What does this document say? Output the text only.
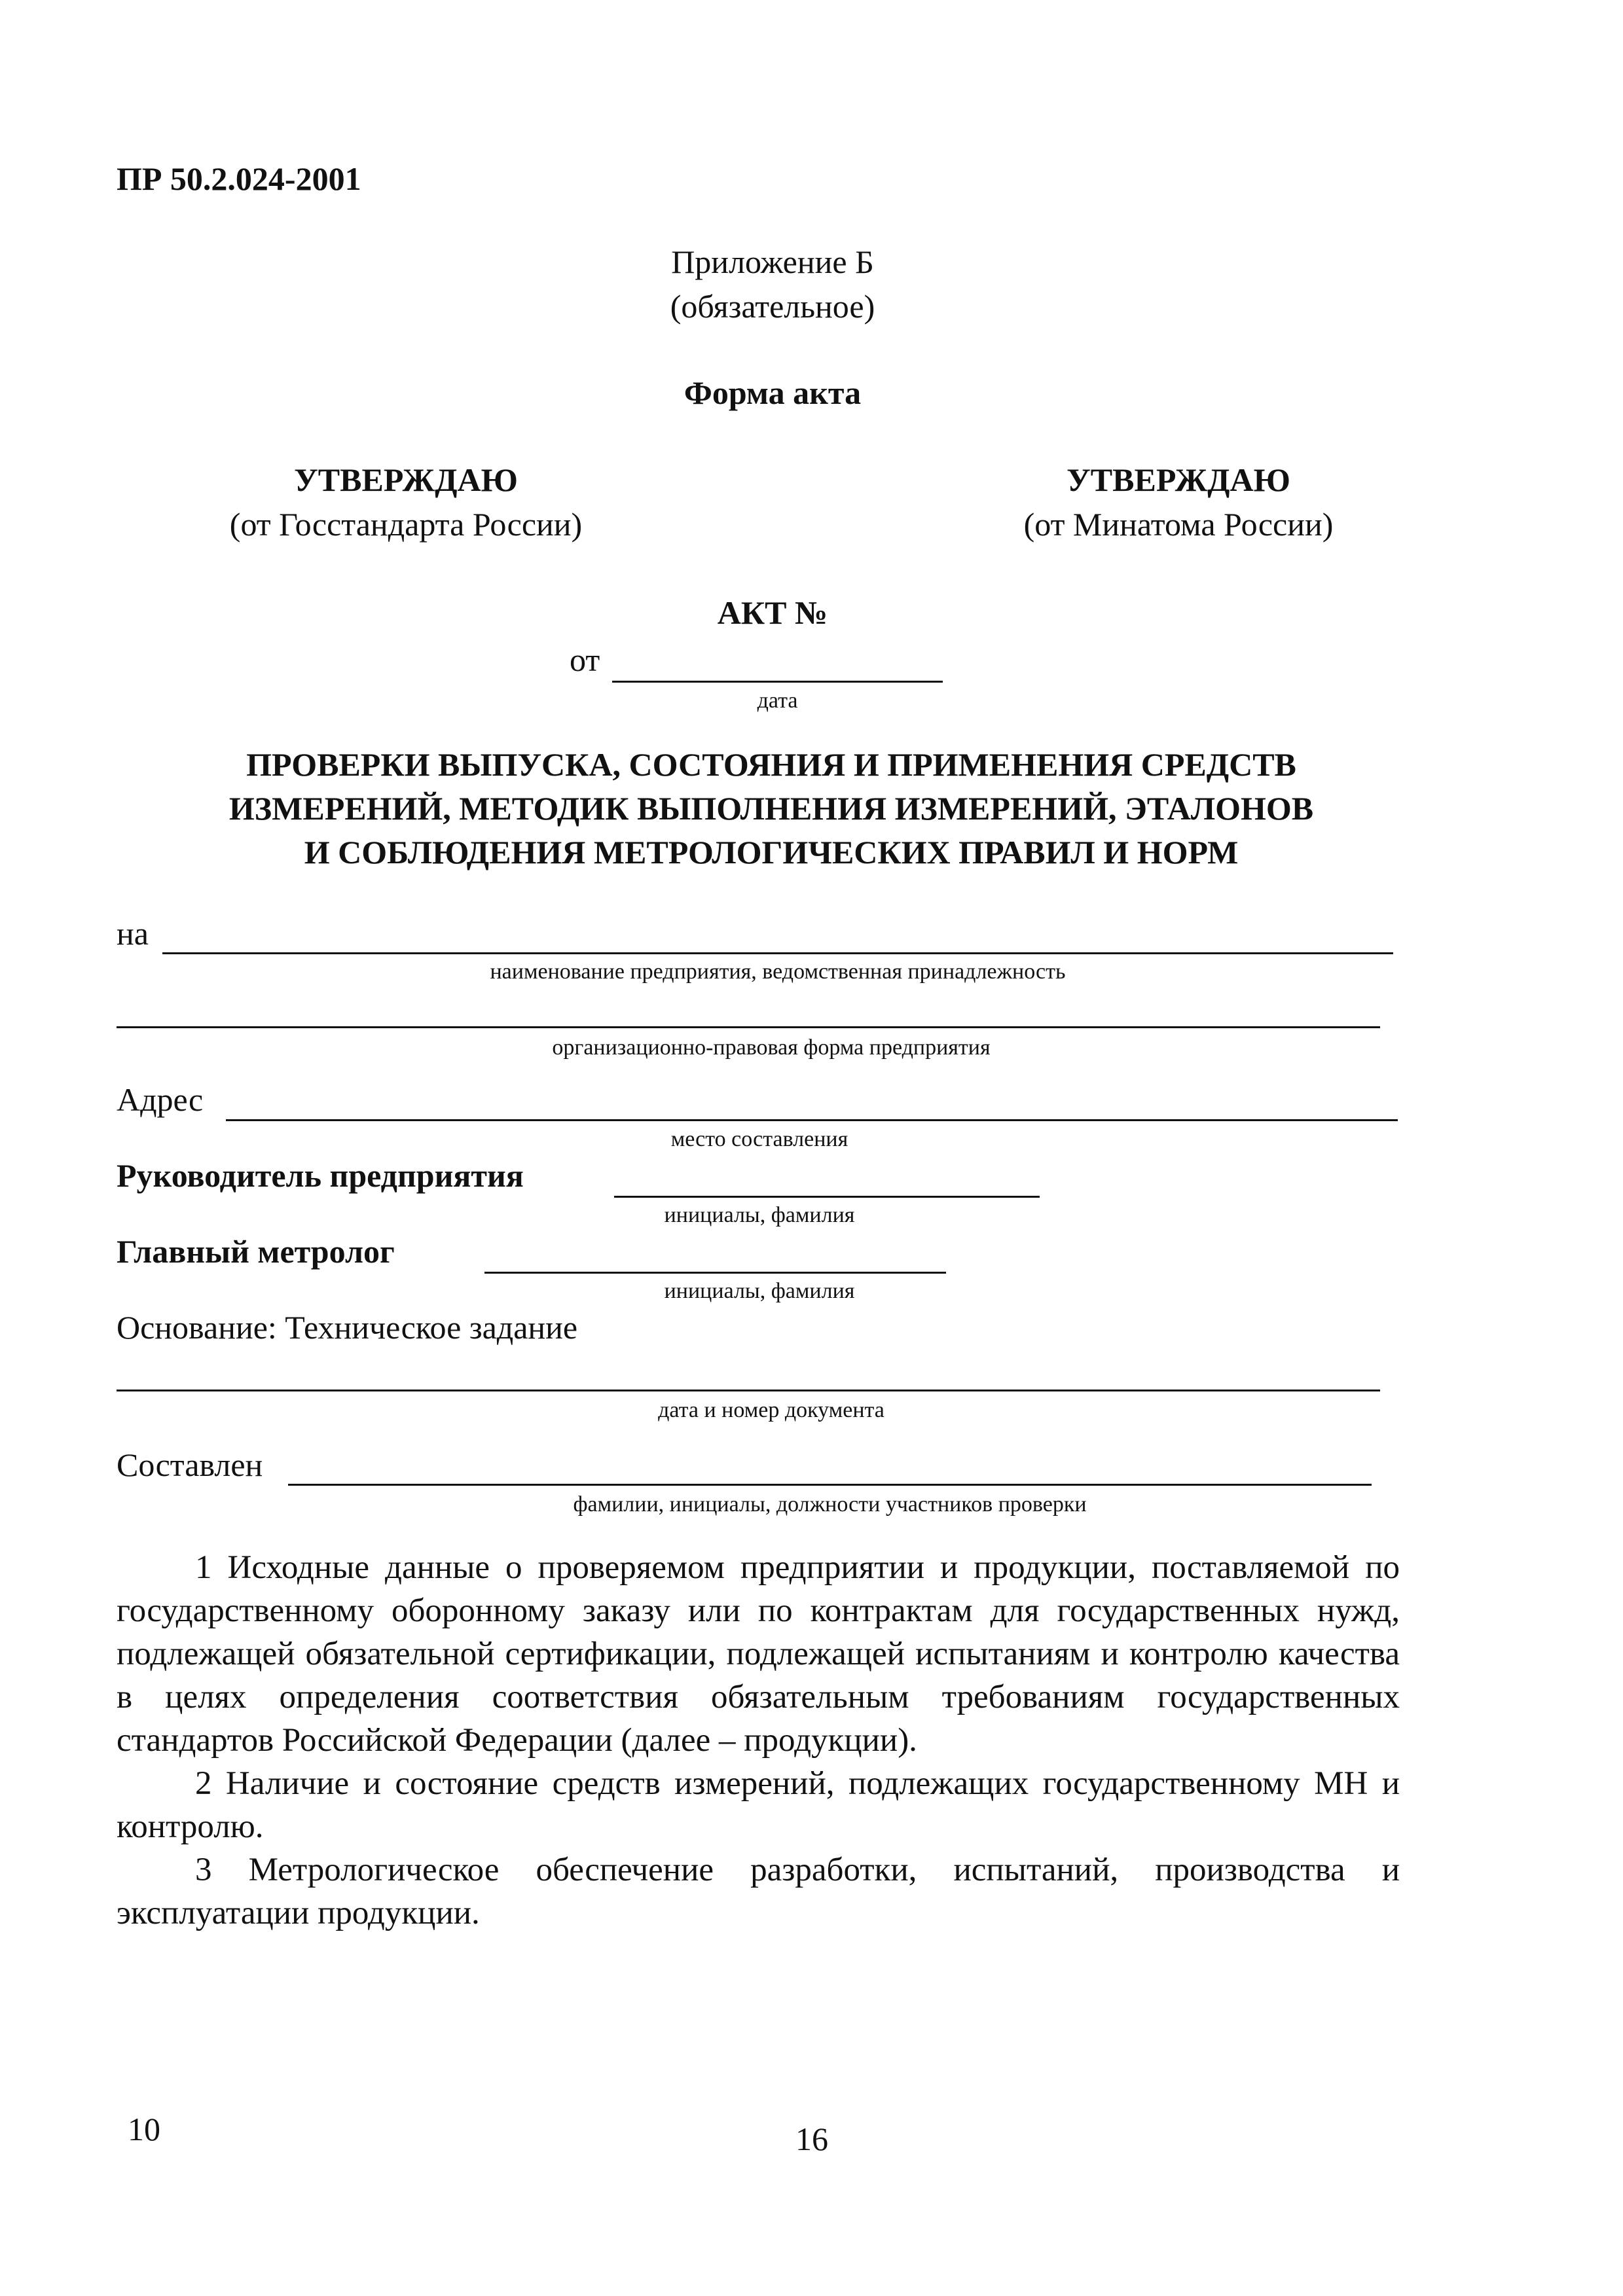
ПР 50.2.024-2001
Приложение Б
(обязательное)
Форма акта
УТВЕРЖДАЮ
(от Госстандарта России)
УТВЕРЖДАЮ
(от Минатома России)
АКТ №
от
дата
ПРОВЕРКИ ВЫПУСКА, СОСТОЯНИЯ И ПРИМЕНЕНИЯ СРЕДСТВ
ИЗМЕРЕНИЙ, МЕТОДИК ВЫПОЛНЕНИЯ ИЗМЕРЕНИЙ, ЭТАЛОНОВ
И СОБЛЮДЕНИЯ МЕТРОЛОГИЧЕСКИХ ПРАВИЛ И НОРМ
на
наименование предприятия, ведомственная принадлежность
организационно-правовая форма предприятия
Адрес
место составления
Руководитель предприятия
инициалы, фамилия
Главный метролог
инициалы, фамилия
Основание: Техническое задание
дата и номер документа
Составлен
фамилии, инициалы, должности участников проверки

1 Исходные данные о проверяемом предприятии и продукции, поставляемой по государственному оборонному заказу или по контрактам для государственных нужд, подлежащей обязательной сертификации, подлежащей испытаниям и контролю качества в целях определения соответствия обязательным требованиям государственных стандартов Российской Федерации (далее – продукции).

2 Наличие и состояние средств измерений, подлежащих государственному МН и контролю.

3 Метрологическое обеспечение разработки, испытаний, производства и эксплуатации продукции.

10	16
